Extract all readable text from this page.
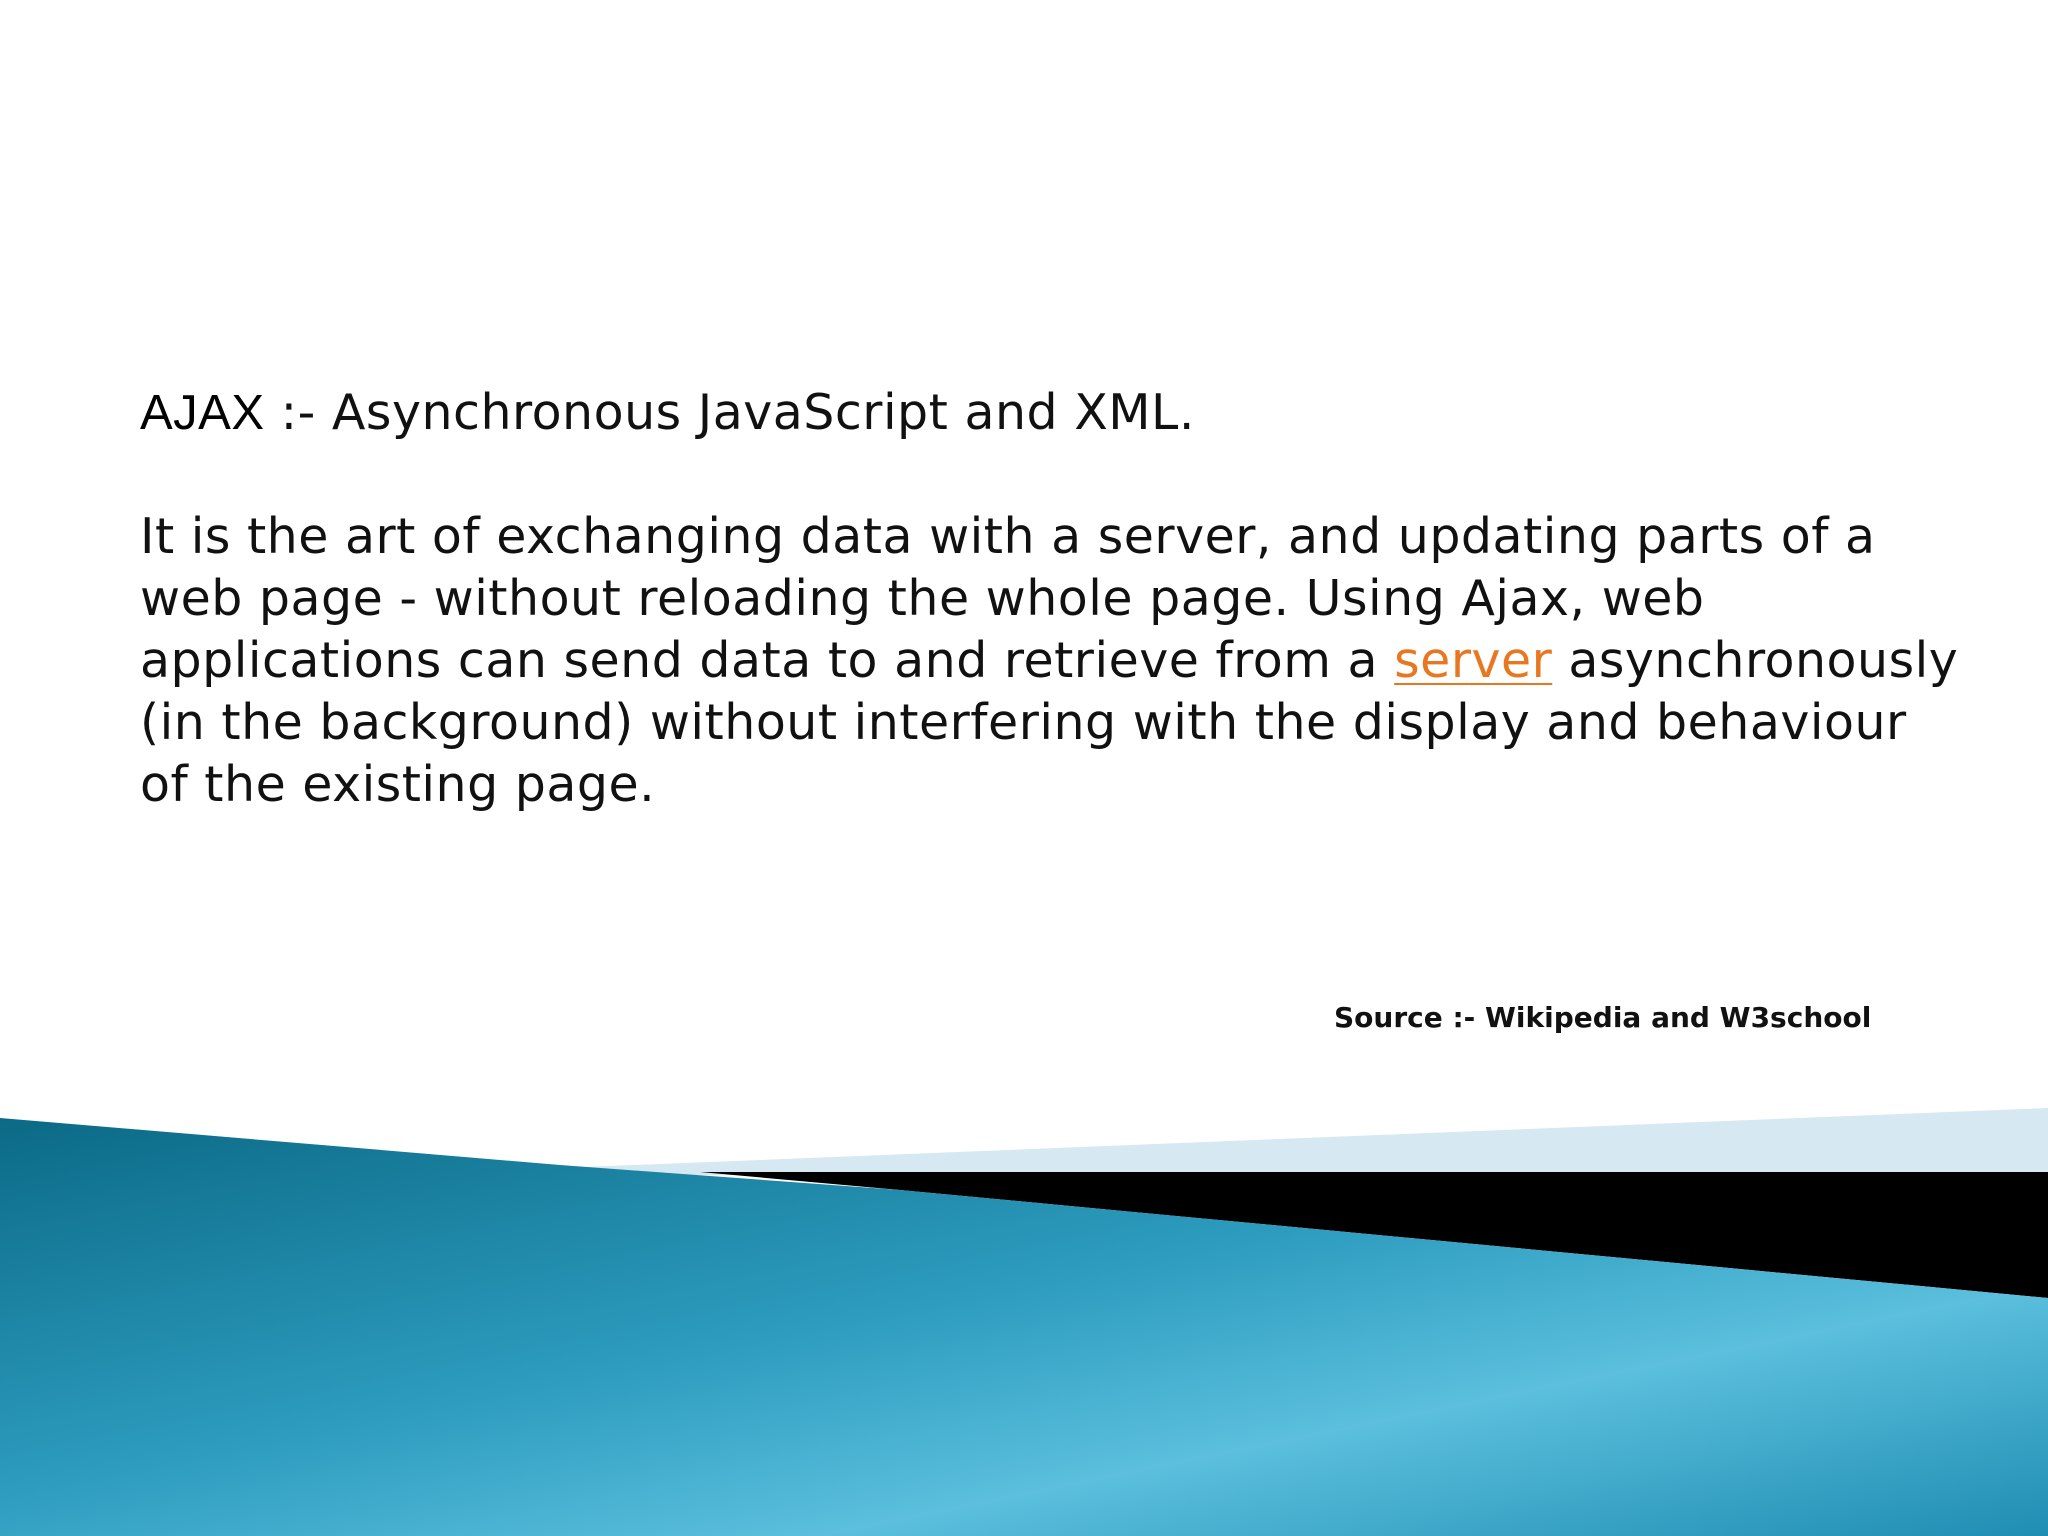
AJAX :- Asynchronous JavaScript and XML.

It is the art of exchanging data with a server, and updating parts of a web page - without reloading the whole page. Using Ajax, web applications can send data to and retrieve from a server asynchronously (in the background) without interfering with the display and behaviour of the existing page.

Source :- Wikipedia and W3school
